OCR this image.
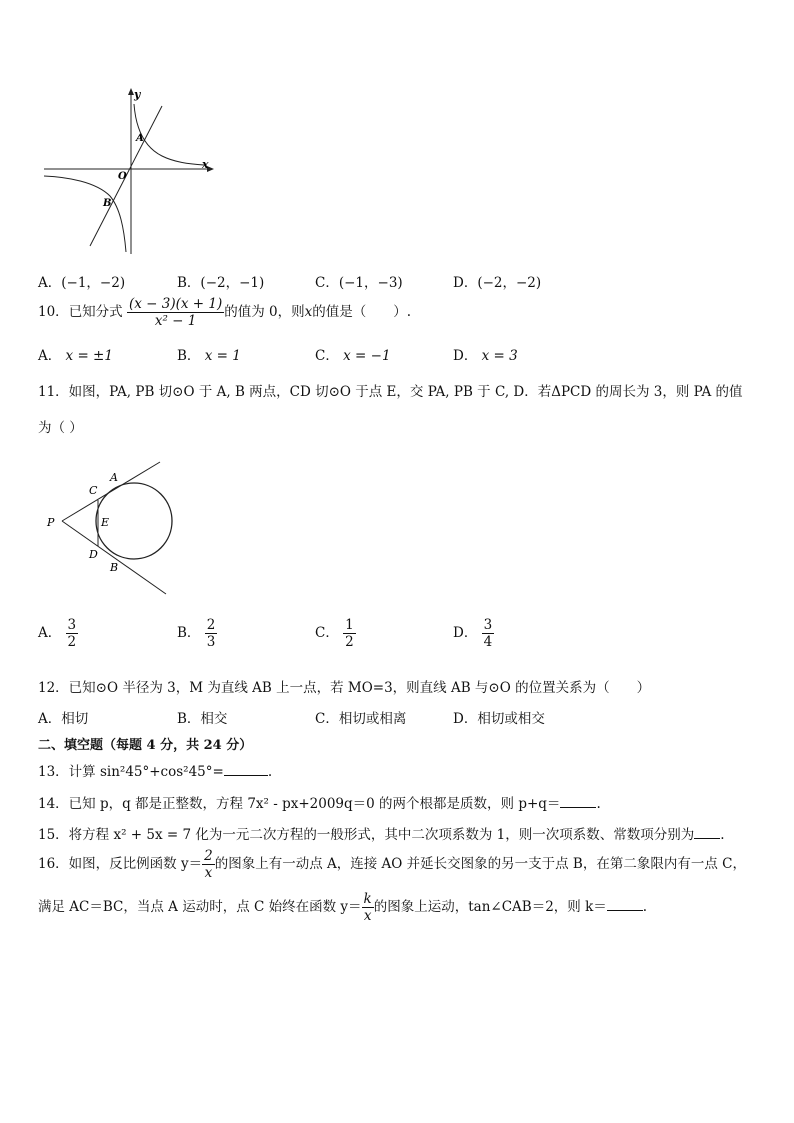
y
x
O
A
B
A．(−1，−2)	B．(−2，−1)	C．(−1，−3)	D．(−2，−2)
10．已知分式 $\frac{(x - 3)(x + 1)}{\text{x² − 1}}$ 的值为 0，则x的值是（　　）.
A． x = ±1	B． x = 1	C． x = −1	D． x = 3
11．如图，PA, PB 切⊙O 于 A, B 两点，CD 切⊙O 于点 E，交 PA, PB 于 C, D．若ΔPCD 的周长为 3，则 PA 的值
为（ ）
P
A
C
E
D
B
A． $\frac{3}{2}$	B． $\frac{2}{3}$	C． $\frac{1}{2}$	D． $\frac{3}{4}$
12．已知⊙O 半径为 3，M 为直线 AB 上一点，若 MO=3，则直线 AB 与⊙O 的位置关系为（　　）
A．相切	B．相交	C．相切或相离	D．相切或相交
二、填空题（每题 4 分，共 24 分）
13．计算 sin²45°+cos²45°=	.
14．已知 p，q 都是正整数，方程 7x² - px+2009q＝0 的两个根都是质数，则 p+q＝	.
15．将方程 x² + 5x = 7 化为一元二次方程的一般形式，其中二次项系数为 1，则一次项系数、常数项分别为 .
16．如图，反比例函数 $y= \frac{2}{x}$ 的图象上有一动点 A，连接 AO 并延长交图象的另一支于点 B，在第二象限内有一点 C，
满足 AC＝BC，当点 A 运动时，点 C 始终在函数 $y= \frac{k}{x}$ 的图象上运动，tan∠CAB＝2，则 k＝	.
